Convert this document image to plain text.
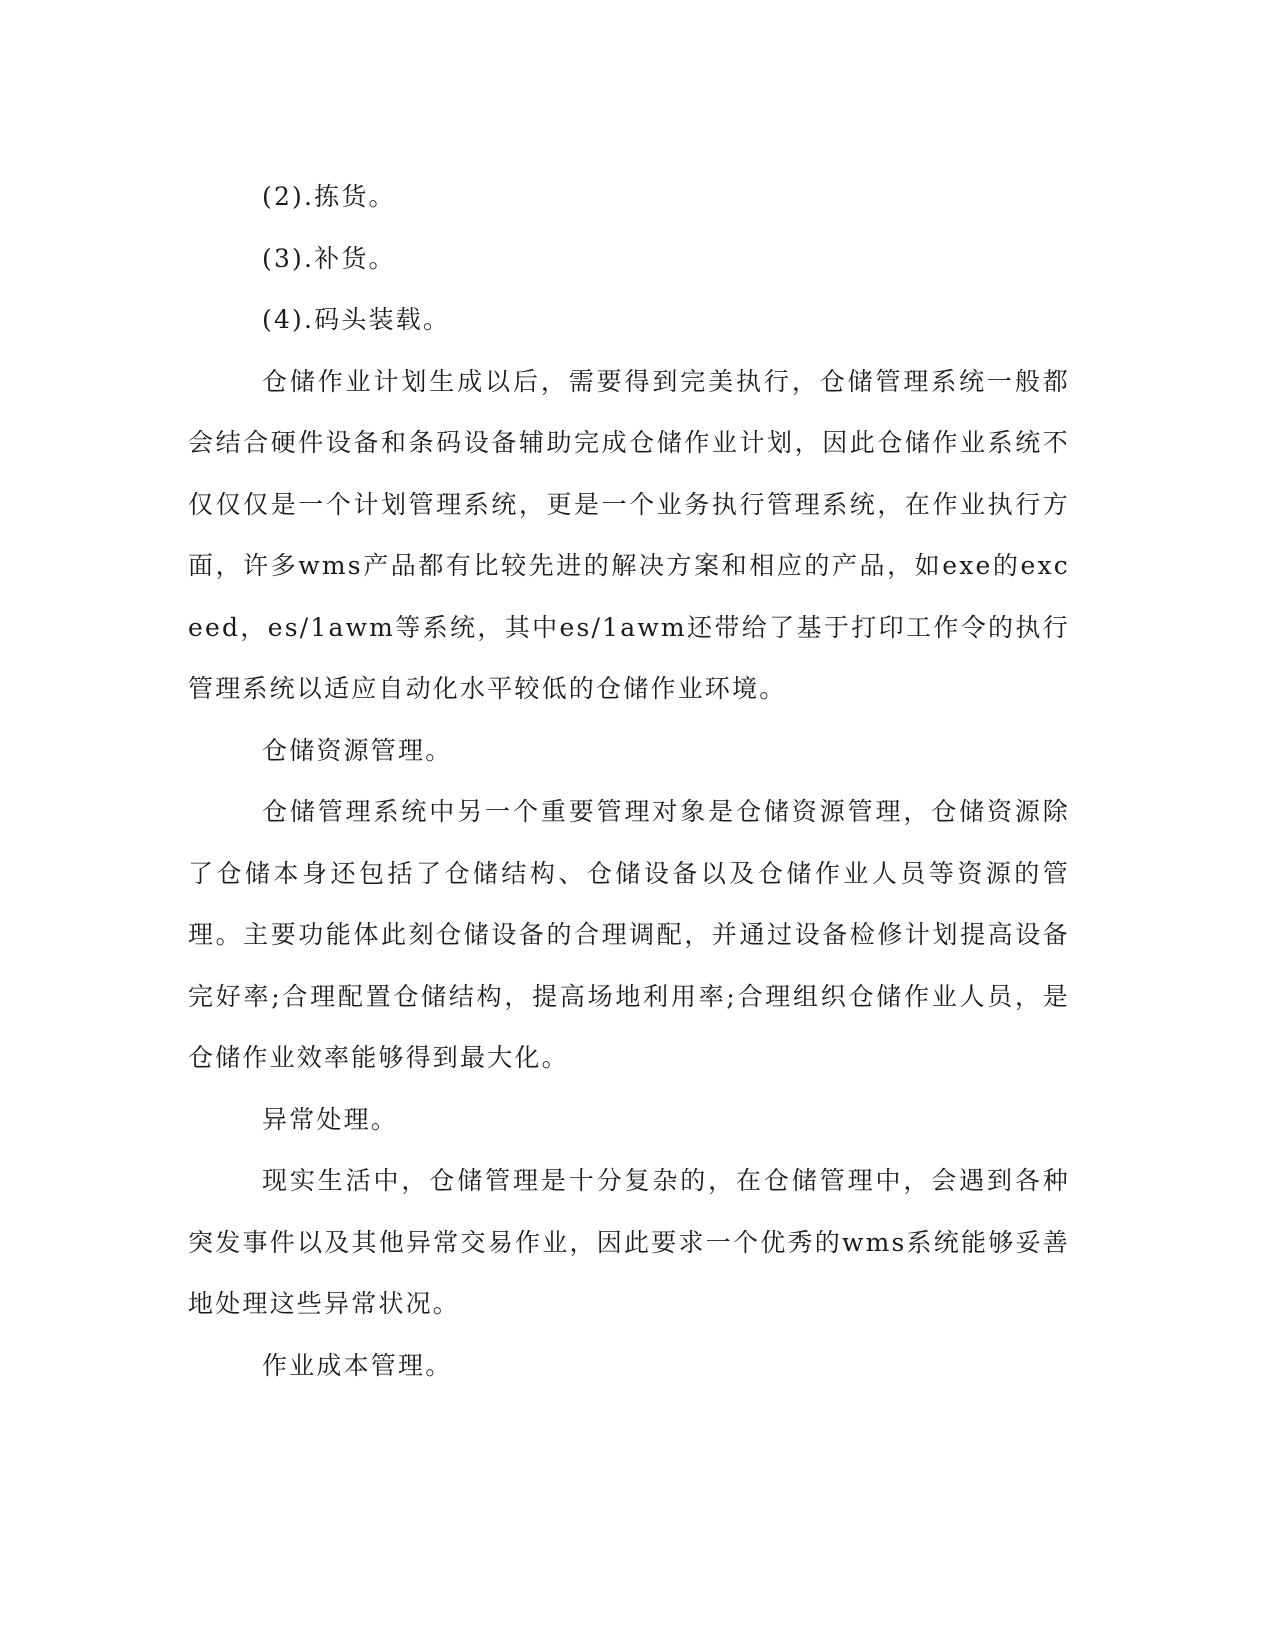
(2).拣货。

(3).补货。

(4).码头装载。

仓储作业计划生成以后，需要得到完美执行，仓储管理系统一般都会结合硬件设备和条码设备辅助完成仓储作业计划，因此仓储作业系统不仅仅仅是一个计划管理系统，更是一个业务执行管理系统，在作业执行方面，许多wms产品都有比较先进的解决方案和相应的产品，如exe的exceed，es/1awm等系统，其中es/1awm还带给了基于打印工作令的执行管理系统以适应自动化水平较低的仓储作业环境。

仓储资源管理。

仓储管理系统中另一个重要管理对象是仓储资源管理，仓储资源除了仓储本身还包括了仓储结构、仓储设备以及仓储作业人员等资源的管理。主要功能体此刻仓储设备的合理调配，并通过设备检修计划提高设备完好率;合理配置仓储结构，提高场地利用率;合理组织仓储作业人员，是仓储作业效率能够得到最大化。

异常处理。

现实生活中，仓储管理是十分复杂的，在仓储管理中，会遇到各种突发事件以及其他异常交易作业，因此要求一个优秀的wms系统能够妥善地处理这些异常状况。

作业成本管理。
